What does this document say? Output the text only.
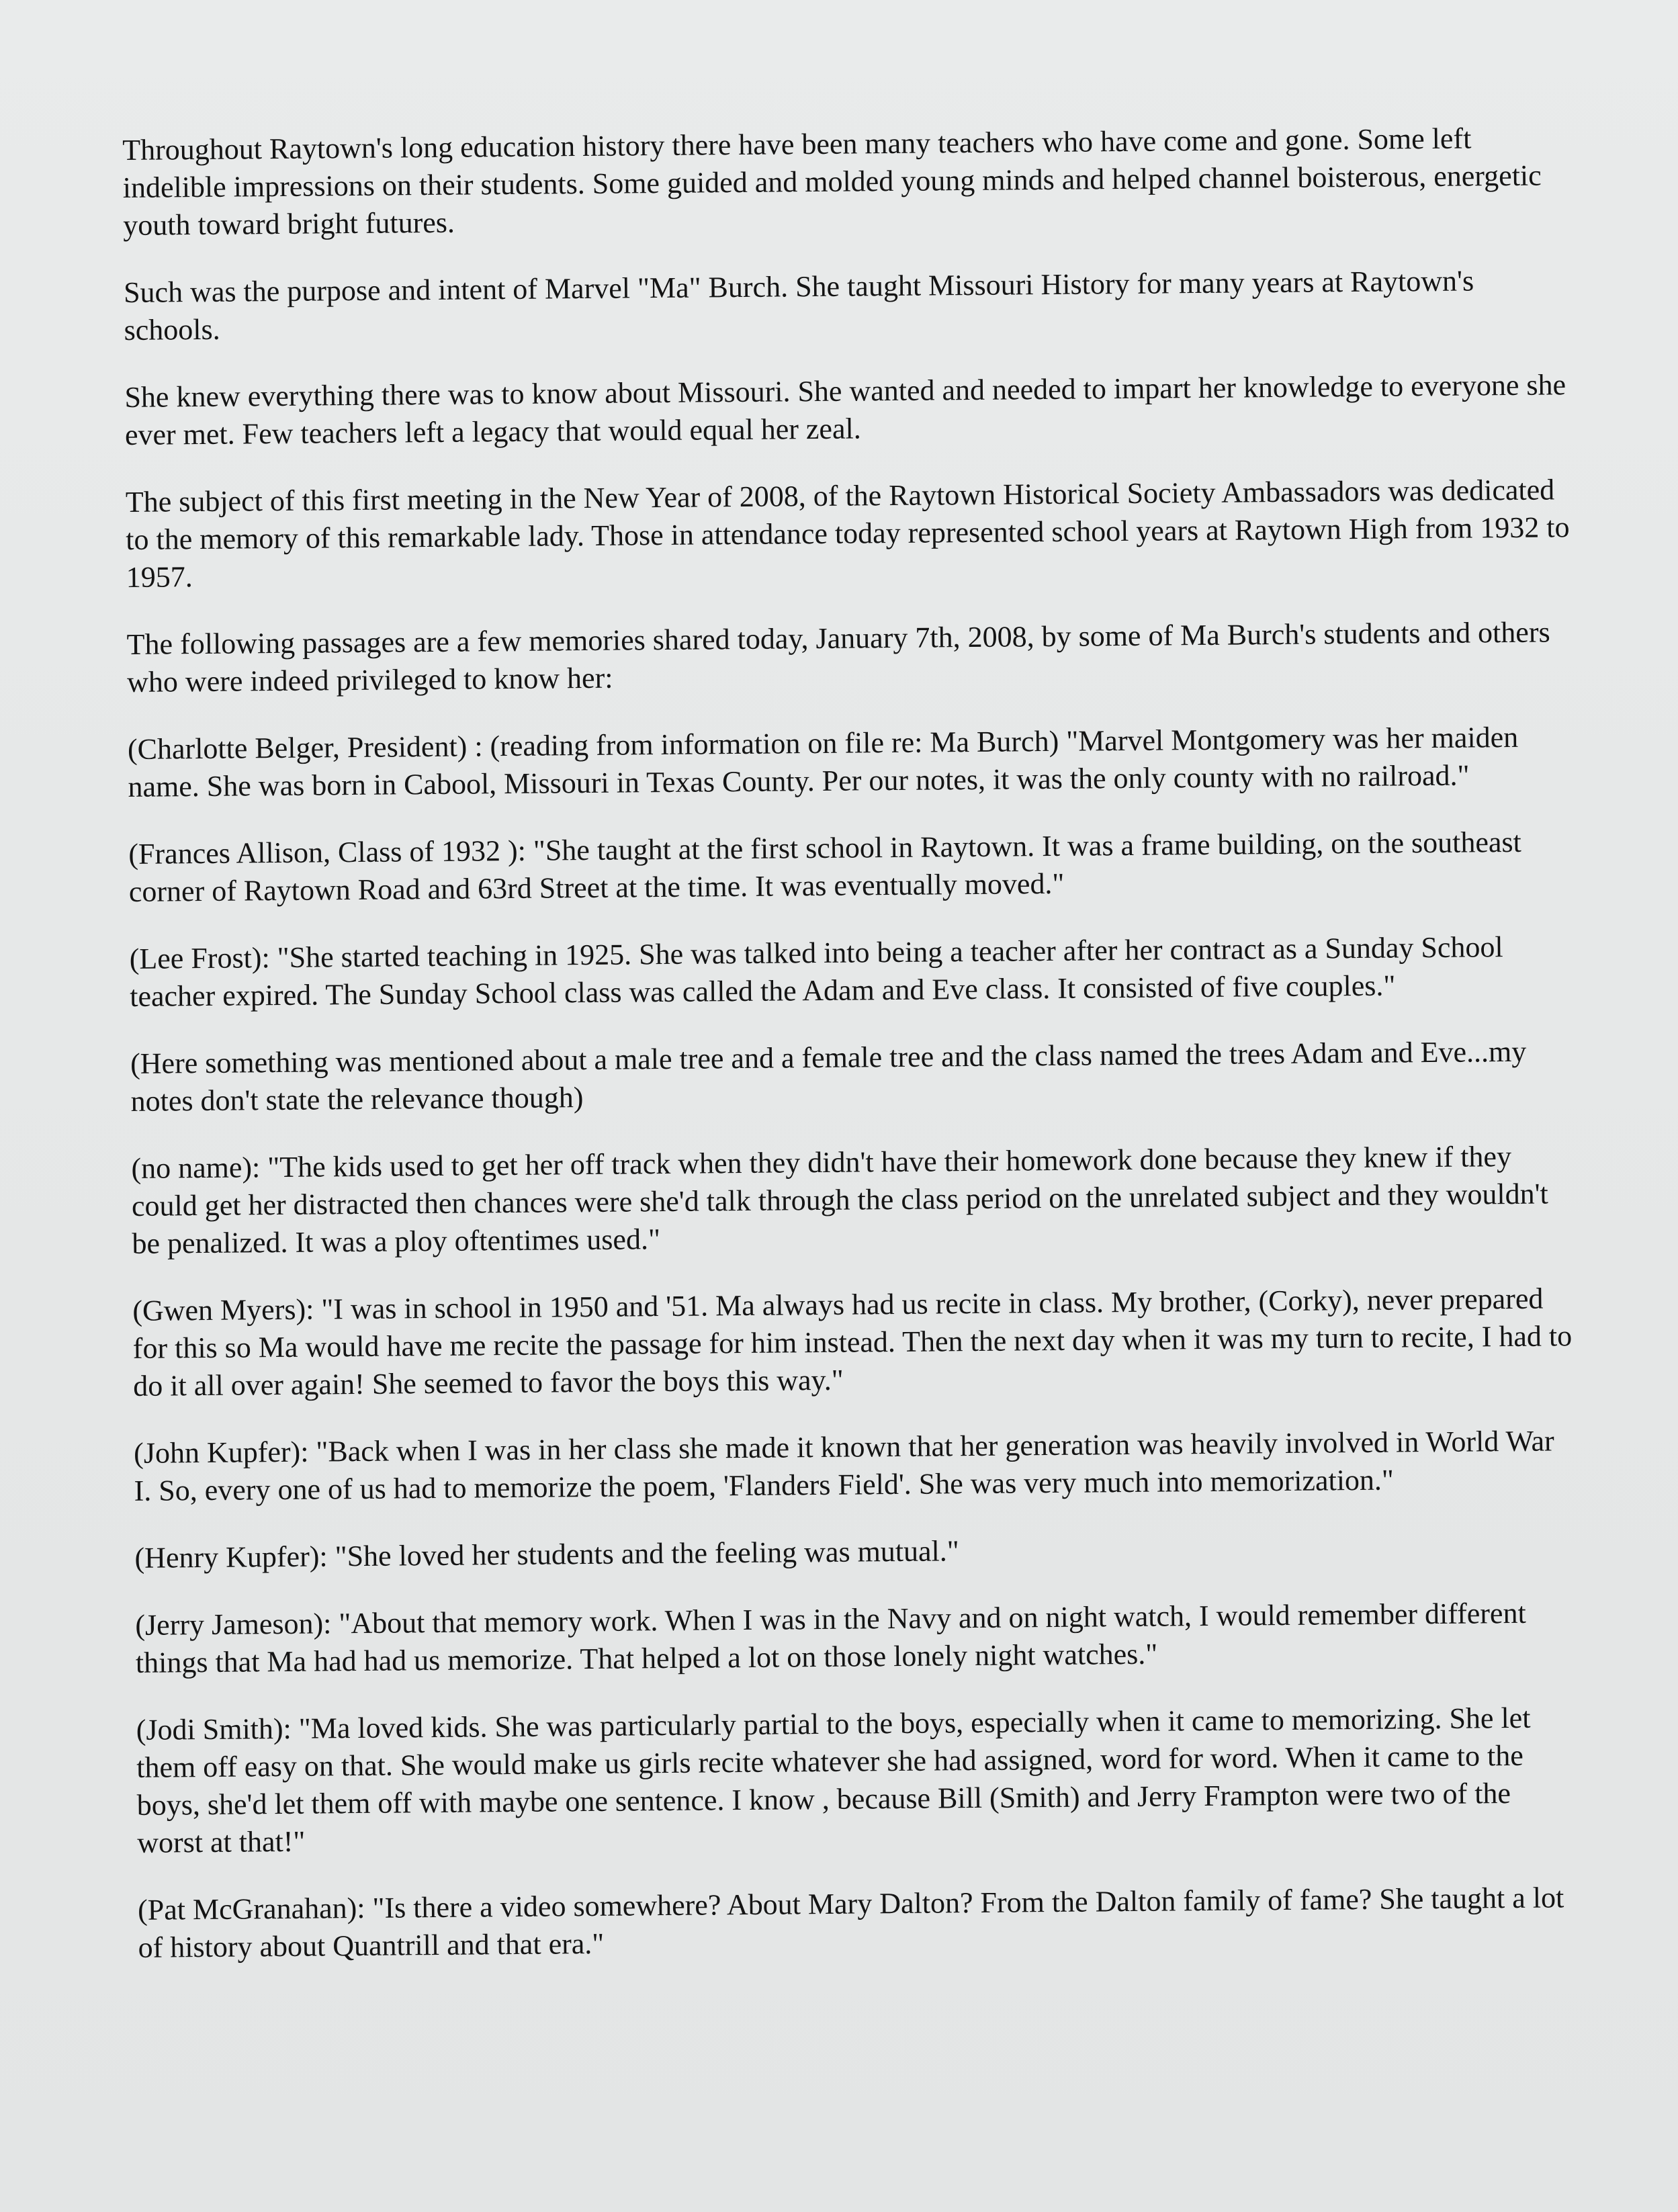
Throughout Raytown's long education history there have been many teachers who have come and gone. Some left indelible impressions on their students. Some guided and molded young minds and helped channel boisterous, energetic youth toward bright futures.

Such was the purpose and intent of Marvel "Ma" Burch. She taught Missouri History for many years at Raytown's schools.

She knew everything there was to know about Missouri. She wanted and needed to impart her knowledge to everyone she ever met. Few teachers left a legacy that would equal her zeal.

The subject of this first meeting in the New Year of 2008, of the Raytown Historical Society Ambassadors was dedicated to the memory of this remarkable lady. Those in attendance today represented school years at Raytown High from 1932 to 1957.

The following passages are a few memories shared today, January 7th, 2008, by some of Ma Burch's students and others who were indeed privileged to know her:

(Charlotte Belger, President) : (reading from information on file re: Ma Burch) "Marvel Montgomery was her maiden name. She was born in Cabool, Missouri in Texas County. Per our notes, it was the only county with no railroad."

(Frances Allison, Class of 1932 ): "She taught at the first school in Raytown. It was a frame building, on the southeast corner of Raytown Road and 63rd Street at the time. It was eventually moved."

(Lee Frost): "She started teaching in 1925. She was talked into being a teacher after her contract as a Sunday School teacher expired. The Sunday School class was called the Adam and Eve class. It consisted of five couples."

(Here something was mentioned about a male tree and a female tree and the class named the trees Adam and Eve...my notes don't state the relevance though)

(no name): "The kids used to get her off track when they didn't have their homework done because they knew if they could get her distracted then chances were she'd talk through the class period on the unrelated subject and they wouldn't be penalized. It was a ploy oftentimes used."

(Gwen Myers): "I was in school in 1950 and '51. Ma always had us recite in class. My brother, (Corky), never prepared for this so Ma would have me recite the passage for him instead. Then the next day when it was my turn to recite, I had to do it all over again! She seemed to favor the boys this way."

(John Kupfer): "Back when I was in her class she made it known that her generation was heavily involved in World War I. So, every one of us had to memorize the poem, 'Flanders Field'. She was very much into memorization."

(Henry Kupfer): "She loved her students and the feeling was mutual."

(Jerry Jameson): "About that memory work. When I was in the Navy and on night watch, I would remember different things that Ma had had us memorize. That helped a lot on those lonely night watches."

(Jodi Smith): "Ma loved kids. She was particularly partial to the boys, especially when it came to memorizing. She let them off easy on that. She would make us girls recite whatever she had assigned, word for word. When it came to the boys, she'd let them off with maybe one sentence. I know , because Bill (Smith) and Jerry Frampton were two of the worst at that!"

(Pat McGranahan): "Is there a video somewhere? About Mary Dalton? From the Dalton family of fame? She taught a lot of history about Quantrill and that era."
